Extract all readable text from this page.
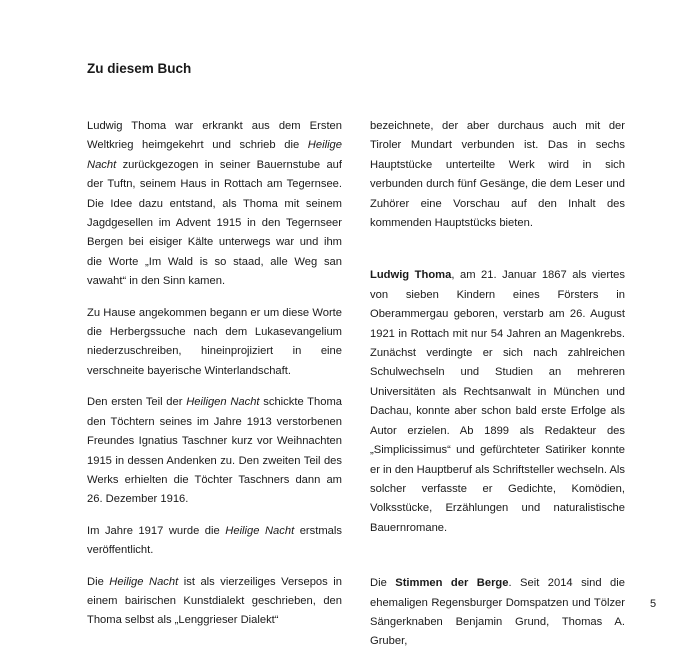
Zu diesem Buch

Ludwig Thoma war erkrankt aus dem Ersten Weltkrieg heimgekehrt und schrieb die Heilige Nacht zurückgezogen in seiner Bauernstube auf der Tuftn, seinem Haus in Rottach am Tegernsee. Die Idee dazu entstand, als Thoma mit seinem Jagdgesellen im Advent 1915 in den Tegernseer Bergen bei eisiger Kälte unterwegs war und ihm die Worte „Im Wald is so staad, alle Weg san vawaht“ in den Sinn kamen.

Zu Hause angekommen begann er um diese Worte die Herbergssuche nach dem Lukasevangelium niederzuschreiben, hineinprojiziert in eine verschneite bayerische Winterlandschaft.

Den ersten Teil der Heiligen Nacht schickte Thoma den Töchtern seines im Jahre 1913 verstorbenen Freundes Ignatius Taschner kurz vor Weihnachten 1915 in dessen Andenken zu. Den zweiten Teil des Werks erhielten die Töchter Taschners dann am 26. Dezember 1916.

Im Jahre 1917 wurde die Heilige Nacht erstmals veröffentlicht.

Die Heilige Nacht ist als vierzeiliges Versepos in einem bairischen Kunstdialekt geschrieben, den Thoma selbst als „Lenggrieser Dialekt“

bezeichnete, der aber durchaus auch mit der Tiroler Mundart verbunden ist. Das in sechs Hauptstücke unterteilte Werk wird in sich verbunden durch fünf Gesänge, die dem Leser und Zuhörer eine Vorschau auf den Inhalt des kommenden Hauptstücks bieten.

Ludwig Thoma, am 21. Januar 1867 als viertes von sieben Kindern eines Försters in Oberammergau geboren, verstarb am 26. August 1921 in Rottach mit nur 54 Jahren an Magenkrebs. Zunächst verdingte er sich nach zahlreichen Schulwechseln und Studien an mehreren Universitäten als Rechtsanwalt in München und Dachau, konnte aber schon bald erste Erfolge als Autor erzielen. Ab 1899 als Redakteur des „Simplicissimus“ und gefürchteter Satiriker konnte er in den Hauptberuf als Schriftsteller wechseln. Als solcher verfasste er Gedichte, Komödien, Volksstücke, Erzählungen und naturalistische Bauernromane.

Die Stimmen der Berge. Seit 2014 sind die ehemaligen Regensburger Domspatzen und Tölzer Sängerknaben Benjamin Grund, Thomas A. Gruber,

5
